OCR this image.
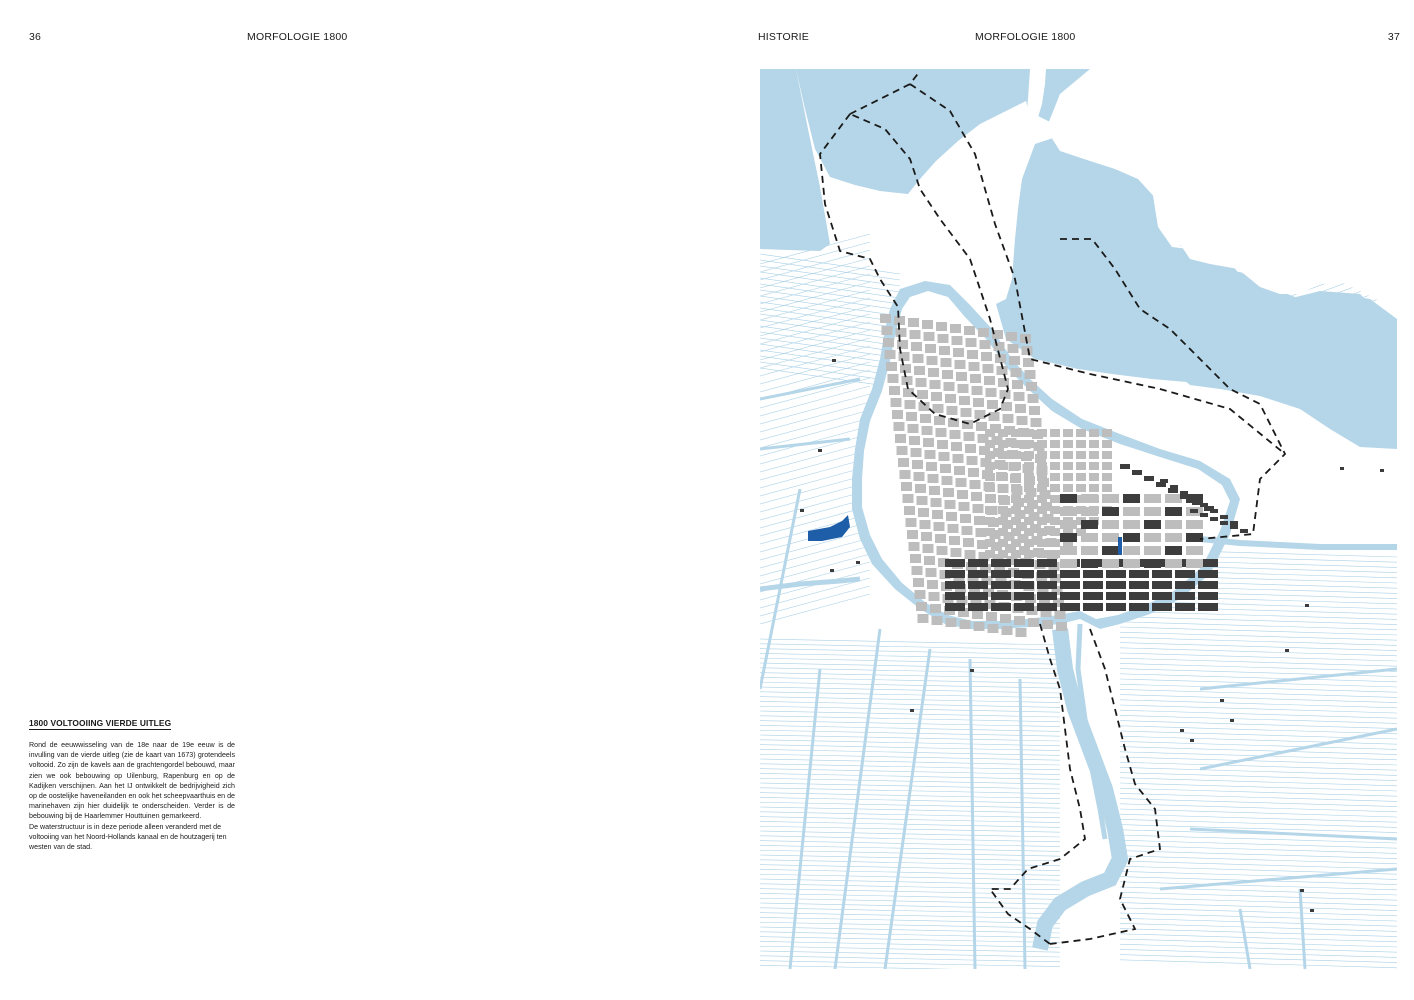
36	MORFOLOGIE 1800	HISTORIE	MORFOLOGIE 1800	37
1800 VOLTOOIING VIERDE UITLEG

Rond de eeuwwisseling van de 18e naar de 19e eeuw is de invulling van de vierde uitleg (zie de kaart van 1673) grotendeels voltooid. Zo zijn de kavels aan de grachtengordel bebouwd, maar zien we ook bebouwing op Uilenburg, Rapenburg en op de Kadijken verschijnen. Aan het IJ ontwikkelt de bedrijvigheid zich op de oostelijke haveneilanden en ook het scheepvaarthuis en de marinehaven zijn hier duidelijk te onderscheiden. Verder is de bebouwing bij de Haarlemmer Houttuinen gemarkeerd.

De waterstructuur is in deze periode alleen veranderd met de voltooiing van het Noord-Hollands kanaal en de houtzagerij ten westen van de stad.
